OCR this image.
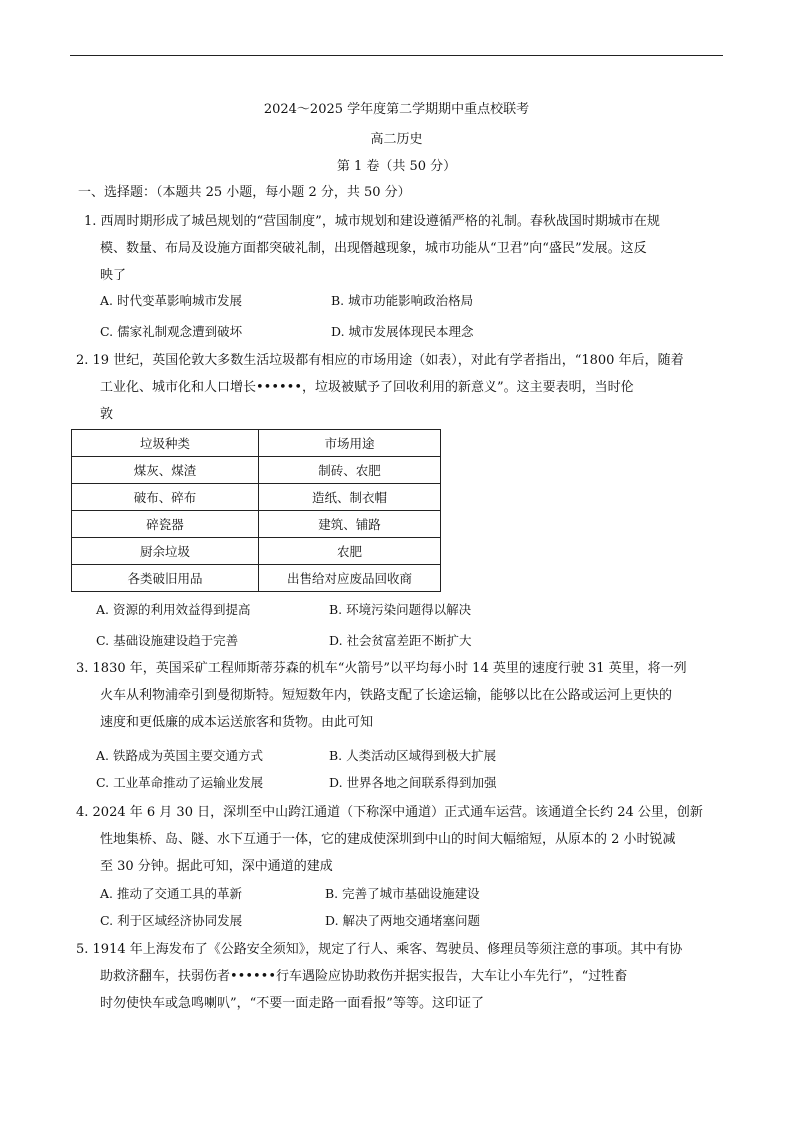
2024～2025 学年度第二学期期中重点校联考
高二历史
第 1 卷（共 50 分）
一、选择题：（本题共 25 小题，每小题 2 分，共 50 分）
1. 西周时期形成了城邑规划的“营国制度”，城市规划和建设遵循严格的礼制。春秋战国时期城市在规
模、数量、布局及设施方面都突破礼制，出现僭越现象，城市功能从“卫君”向“盛民”发展。这反
映了
A. 时代变革影响城市发展	B. 城市功能影响政治格局
C. 儒家礼制观念遭到破坏	D. 城市发展体现民本理念
2. 19 世纪，英国伦敦大多数生活垃圾都有相应的市场用途（如表），对此有学者指出，“1800 年后，随着
工业化、城市化和人口增长••••••，垃圾被赋予了回收利用的新意义”。这主要表明，当时伦
敦
垃圾种类	市场用途
煤灰、煤渣	制砖、农肥
破布、碎布	造纸、制衣帽
碎瓷器	建筑、铺路
厨余垃圾	农肥
各类破旧用品	出售给对应废品回收商
A. 资源的利用效益得到提高	B. 环境污染问题得以解决
C. 基础设施建设趋于完善	D. 社会贫富差距不断扩大
3. 1830 年，英国采矿工程师斯蒂芬森的机车“火箭号”以平均每小时 14 英里的速度行驶 31 英里，将一列
火车从利物浦牵引到曼彻斯特。短短数年内，铁路支配了长途运输，能够以比在公路或运河上更快的
速度和更低廉的成本运送旅客和货物。由此可知
A. 铁路成为英国主要交通方式	B. 人类活动区域得到极大扩展
C. 工业革命推动了运输业发展	D. 世界各地之间联系得到加强
4. 2024 年 6 月 30 日，深圳至中山跨江通道（下称深中通道）正式通车运营。该通道全长约 24 公里，创新
性地集桥、岛、隧、水下互通于一体，它的建成使深圳到中山的时间大幅缩短，从原本的 2 小时锐减
至 30 分钟。据此可知，深中通道的建成
A. 推动了交通工具的革新	B. 完善了城市基础设施建设
C. 利于区域经济协同发展	D. 解决了两地交通堵塞问题
5. 1914 年上海发布了《公路安全须知》，规定了行人、乘客、驾驶员、修理员等须注意的事项。其中有协
助救济翻车，扶弱伤者••••••行车遇险应协助救伤并据实报告，大车让小车先行”，“过牲畜
时勿使快车或急鸣喇叭”，“不要一面走路一面看报”等等。这印证了
